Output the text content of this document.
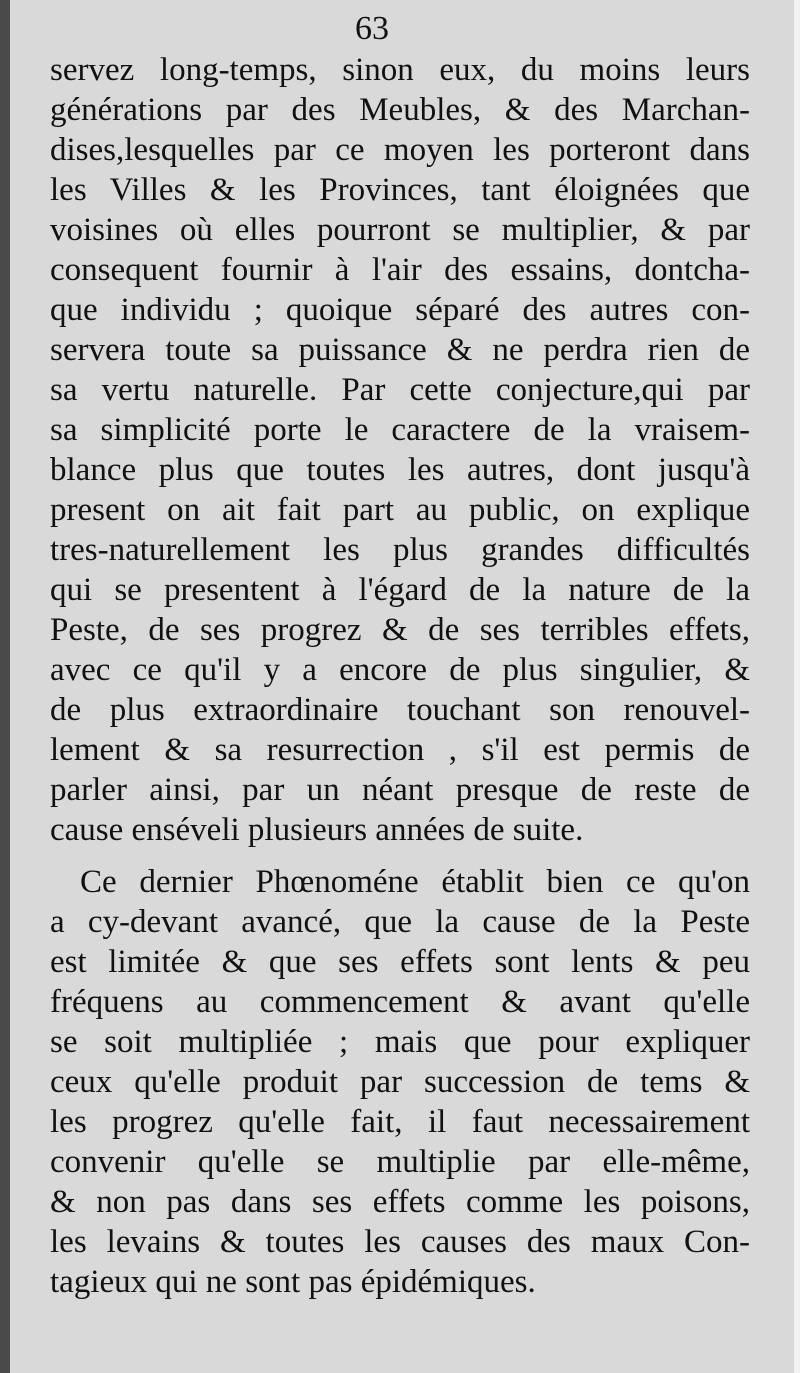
63
servez long-temps, sinon eux, du moins leurs
générations par des Meubles, & des Marchan-
dises,lesquelles par ce moyen les porteront dans
les Villes & les Provinces, tant éloignées que
voisines où elles pourront se multiplier, & par
consequent fournir à l'air des essains, dontcha-
que individu ; quoique séparé des autres con-
servera toute sa puissance & ne perdra rien de
sa vertu naturelle. Par cette conjecture,qui par
sa simplicité porte le caractere de la vraisem-
blance plus que toutes les autres, dont jusqu'à
present on ait fait part au public, on explique
tres-naturellement les plus grandes difficultés
qui se presentent à l'égard de la nature de la
Peste, de ses progrez & de ses terribles effets,
avec ce qu'il y a encore de plus singulier, &
de plus extraordinaire touchant son renouvel-
lement & sa resurrection , s'il est permis de
parler ainsi, par un néant presque de reste de
cause enséveli plusieurs années de suite.
Ce dernier Phœnoméne établit bien ce qu'on
a cy-devant avancé, que la cause de la Peste
est limitée & que ses effets sont lents & peu
fréquens au commencement & avant qu'elle
se soit multipliée ; mais que pour expliquer
ceux qu'elle produit par succession de tems &
les progrez qu'elle fait, il faut necessairement
convenir qu'elle se multiplie par elle-même,
& non pas dans ses effets comme les poisons,
les levains & toutes les causes des maux Con-
tagieux qui ne sont pas épidémiques.
